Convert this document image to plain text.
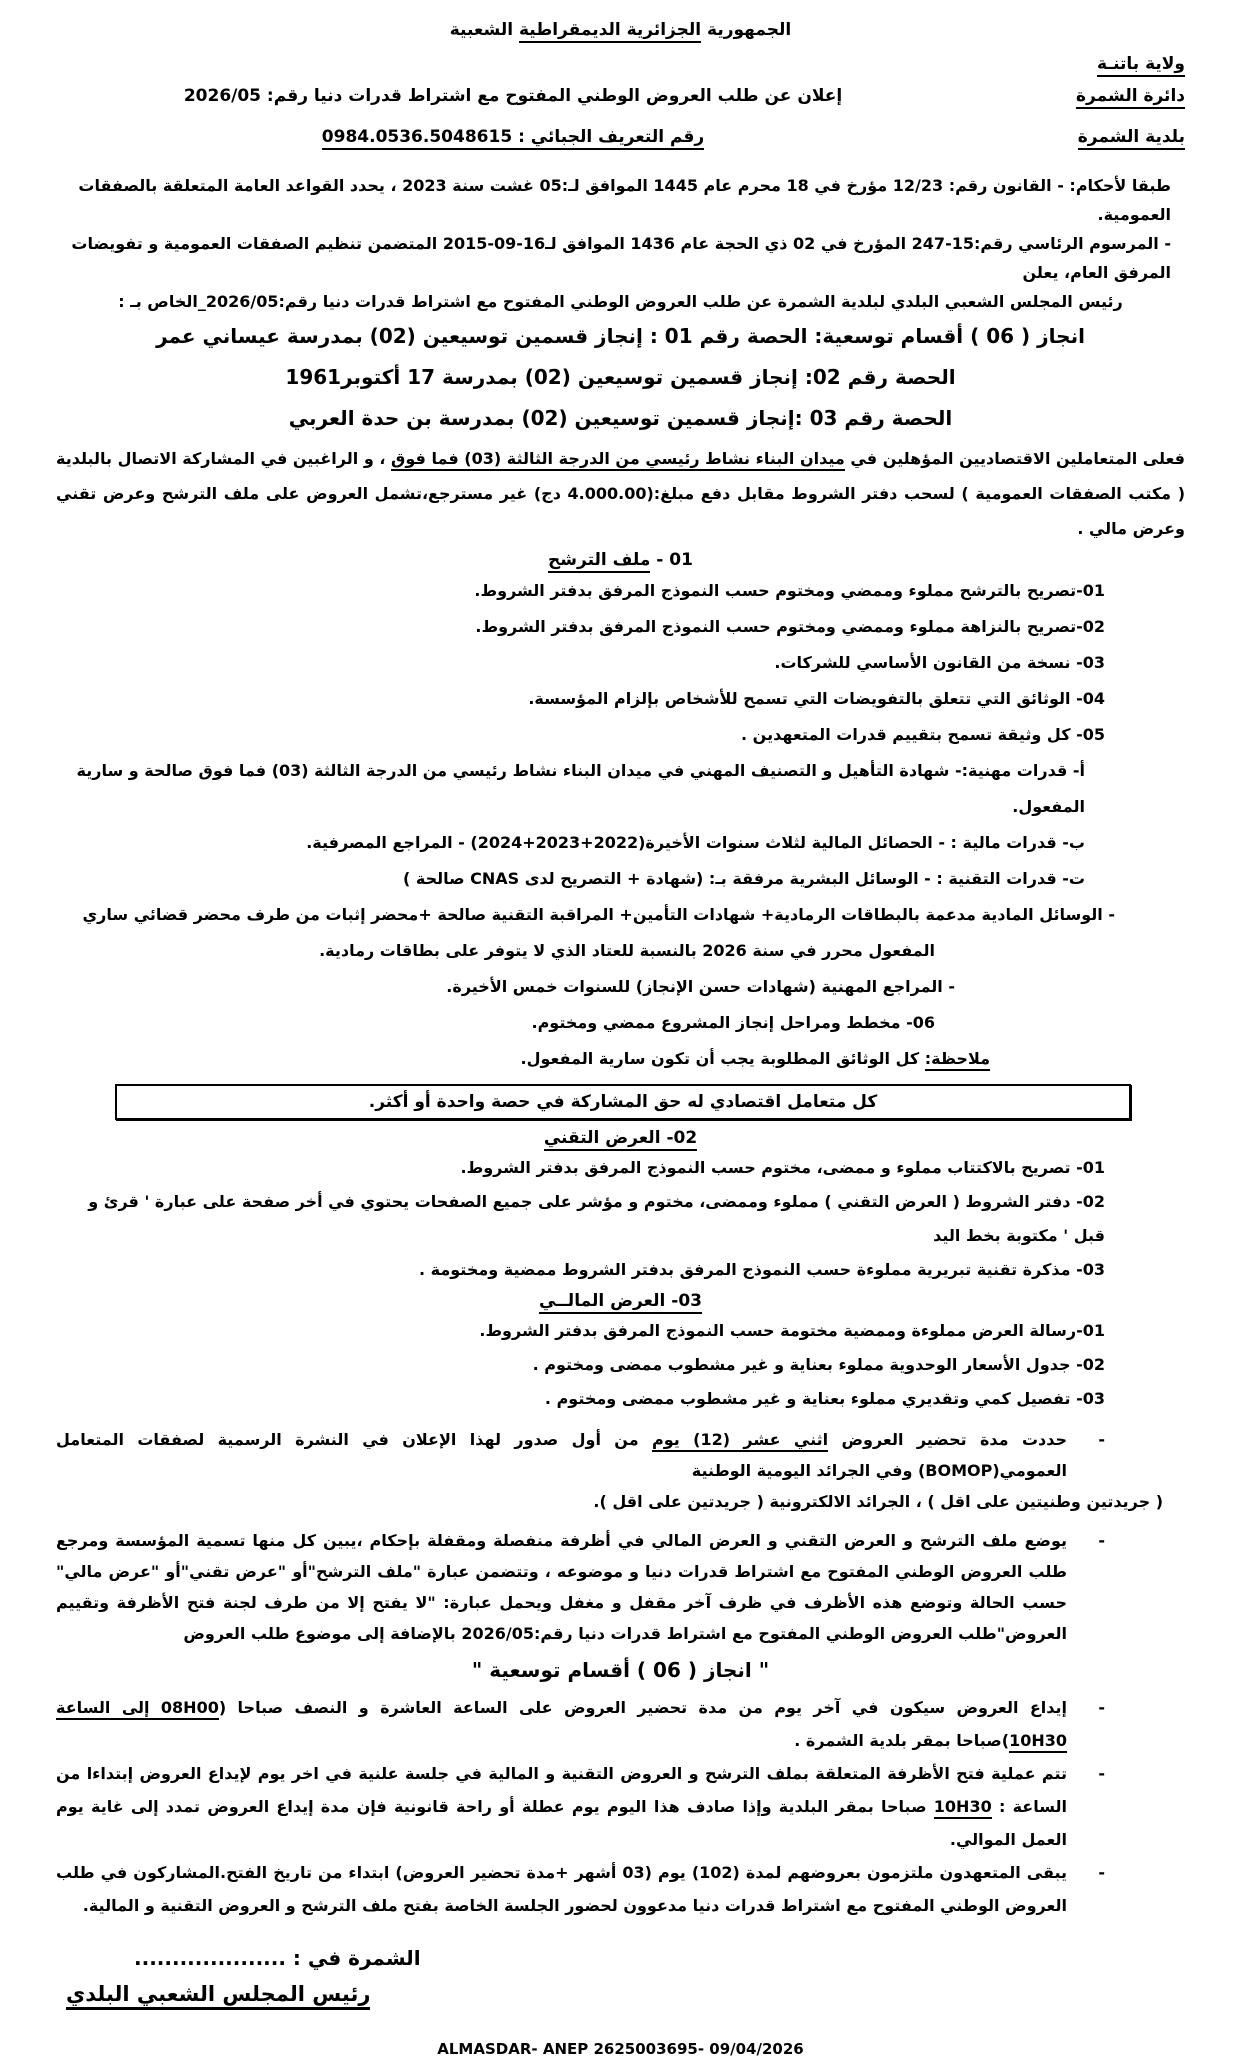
الجمهورية الجزائرية الديمقراطية الشعبية
ولاية باتنـة
دائرة الشمرة
إعلان عن طلب العروض الوطني المفتوح مع اشتراط قدرات دنيا رقم: 2026/05
بلدية الشمرة
رقم التعريف الجبائي : 0984.0536.5048615
طبقا لأحكام: - القانون رقم: 12/23 مؤرخ في 18 محرم عام 1445 الموافق لـ:05 غشت سنة 2023 ، يحدد القواعد العامة المتعلقة بالصفقات العمومية.
- المرسوم الرئاسي رقم:15-247 المؤرخ في 02 ذي الحجة عام 1436 الموافق لـ16-09-2015 المتضمن تنظيم الصفقات العمومية و تفويضات المرفق العام، يعلن
رئيس المجلس الشعبي البلدي لبلدية الشمرة عن طلب العروض الوطني المفتوح مع اشتراط قدرات دنيا رقم:2026/05_الخاص بـ :
انجاز ( 06 ) أقسام توسعية: الحصة رقم 01 : إنجاز قسمين توسيعين (02) بمدرسة عيساني عمر
الحصة رقم 02: إنجاز قسمين توسيعين (02) بمدرسة 17 أكتوبر1961
الحصة رقم 03 :إنجاز قسمين توسيعين (02) بمدرسة بن حدة العربي
فعلى المتعاملين الاقتصاديين المؤهلين في ميدان البناء نشاط رئيسي من الدرجة الثالثة (03) فما فوق ، و الراغبين في المشاركة الاتصال بالبلدية ( مكتب الصفقات العمومية ) لسحب دفتر الشروط مقابل دفع مبلغ:(4.000.00 دج) غير مسترجع،تشمل العروض على ملف الترشح وعرض تقني وعرض مالي .
01 - ملف الترشح
01-تصريح بالترشح مملوء وممضي ومختوم حسب النموذج المرفق بدفتر الشروط.
02-تصريح بالنزاهة مملوء وممضي ومختوم حسب النموذج المرفق بدفتر الشروط.
03- نسخة من القانون الأساسي للشركات.
04- الوثائق التي تتعلق بالتفويضات التي تسمح للأشخاص بإلزام المؤسسة.
05- كل وثيقة تسمح بتقييم قدرات المتعهدين .
أ- قدرات مهنية:- شهادة التأهيل و التصنيف المهني في ميدان البناء نشاط رئيسي من الدرجة الثالثة (03) فما فوق صالحة و سارية المفعول.
ب- قدرات مالية : - الحصائل المالية لثلاث سنوات الأخيرة(2022+2023+2024) - المراجع المصرفية.
ت- قدرات التقنية : - الوسائل البشرية مرفقة بـ: (شهادة + التصريح لدى CNAS صالحة )
- الوسائل المادية مدعمة بالبطاقات الرمادية+ شهادات التأمين+ المراقبة التقنية صالحة +محضر إثبات من طرف محضر قضائي ساري
المفعول محرر في سنة 2026 بالنسبة للعتاد الذي لا يتوفر على بطاقات رمادية.
- المراجع المهنية (شهادات حسن الإنجاز) للسنوات خمس الأخيرة.
06- مخطط ومراحل إنجاز المشروع ممضي ومختوم.
ملاحظة: كل الوثائق المطلوبة يجب أن تكون سارية المفعول.
كل متعامل اقتصادي له حق المشاركة في حصة واحدة أو أكثر.
02- العرض التقني
01- تصريح بالاكتتاب مملوء و ممضى، مختوم حسب النموذج المرفق بدفتر الشروط.
02- دفتر الشروط ( العرض التقني ) مملوء وممضى، مختوم و مؤشر على جميع الصفحات يحتوي في أخر صفحة على عبارة ' قرئ و قبل ' مكتوبة بخط اليد
03- مذكرة تقنية تبريرية مملوءة حسب النموذج المرفق بدفتر الشروط ممضية ومختومة .
03- العرض المالــي
01-رسالة العرض مملوءة وممضية مختومة حسب النموذج المرفق بدفتر الشروط.
02- جدول الأسعار الوحدوية مملوء بعناية و غير مشطوب ممضى ومختوم .
03- تفصيل كمي وتقديري مملوء بعناية و غير مشطوب ممضى ومختوم .
-
حددت مدة تحضير العروض اثني عشر (12) يوم من أول صدور لهذا الإعلان في النشرة الرسمية لصفقات المتعامل العمومي(BOMOP) وفي الجرائد اليومية الوطنية
( جريدتين وطنيتين على اقل ) ، الجرائد الالكترونية ( جريدتين على اقل ).
-
يوضع ملف الترشح و العرض التقني و العرض المالي في أظرفة منفصلة ومقفلة بإحكام ،يبين كل منها تسمية المؤسسة ومرجع طلب العروض الوطني المفتوح مع اشتراط قدرات دنيا و موضوعه ، وتتضمن عبارة "ملف الترشح"أو "عرض تقني"أو "عرض مالي" حسب الحالة وتوضع هذه الأظرف في ظرف آخر مقفل و مغفل ويحمل عبارة: "لا يفتح إلا من طرف لجنة فتح الأظرفة وتقييم العروض"طلب العروض الوطني المفتوح مع اشتراط قدرات دنيا رقم:2026/05 بالإضافة إلى موضوع طلب العروض
" انجاز ( 06 ) أقسام توسعية "
-
إيداع العروض سيكون في آخر يوم من مدة تحضير العروض على الساعة العاشرة و النصف صباحا (08H00 إلى الساعة 10H30)صباحا بمقر بلدية الشمرة .
-
تتم عملية فتح الأظرفة المتعلقة بملف الترشح و العروض التقنية و المالية في جلسة علنية في اخر يوم لإيداع العروض إبتداءا من الساعة : 10H30 صباحا بمقر البلدية وإذا صادف هذا اليوم يوم عطلة أو راحة قانونية فإن مدة إيداع العروض تمدد إلى غاية يوم العمل الموالي.
-
يبقى المتعهدون ملتزمون بعروضهم لمدة (102) يوم (03 أشهر +مدة تحضير العروض) ابتداء من تاريخ الفتح.المشاركون في طلب العروض الوطني المفتوح مع اشتراط قدرات دنيا مدعوون لحضور الجلسة الخاصة بفتح ملف الترشح و العروض التقنية و المالية.
الشمرة في : ....................
رئيس المجلس الشعبي البلدي
ALMASDAR- ANEP 2625003695- 09/04/2026
